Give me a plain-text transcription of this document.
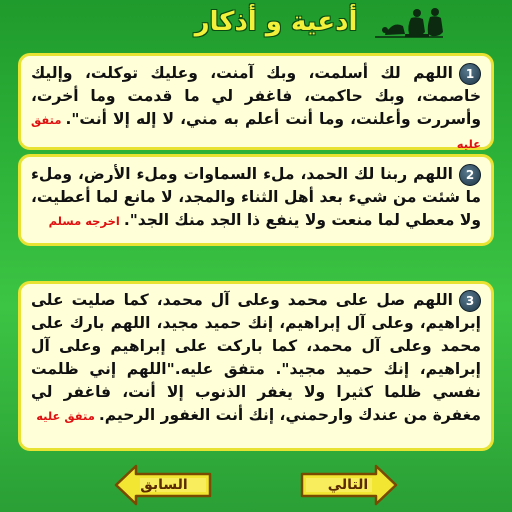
أدعية و أذكار
1اللهم لك أسلمت، وبك آمنت، وعليك توكلت، وإليك خاصمت، وبك حاكمت، فاغفر لي ما قدمت وما أخرت، وأسررت وأعلنت، وما أنت أعلم به مني، لا إله إلا أنت".متفق عليه
2اللهم ربنا لك الحمد، ملء السماوات وملء الأرض، وملء ما شئت من شيء بعد أهل الثناء والمجد، لا مانع لما أعطيت، ولا معطي لما منعت ولا ينفع ذا الجد منك الجد".اخرجه مسلم
3اللهم صل على محمد وعلى آل محمد، كما صليت على إبراهيم، وعلى آل إبراهيم، إنك حميد مجيد، اللهم بارك على محمد وعلى آل محمد، كما باركت على إبراهيم وعلى آل إبراهيم، إنك حميد مجيد". متفق عليه."اللهم إني ظلمت نفسي ظلما كثيرا ولا يغفر الذنوب إلا أنت، فاغفر لي مغفرة من عندك وارحمني، إنك أنت الغفور الرحيم.متفق عليه
التالي
السابق
